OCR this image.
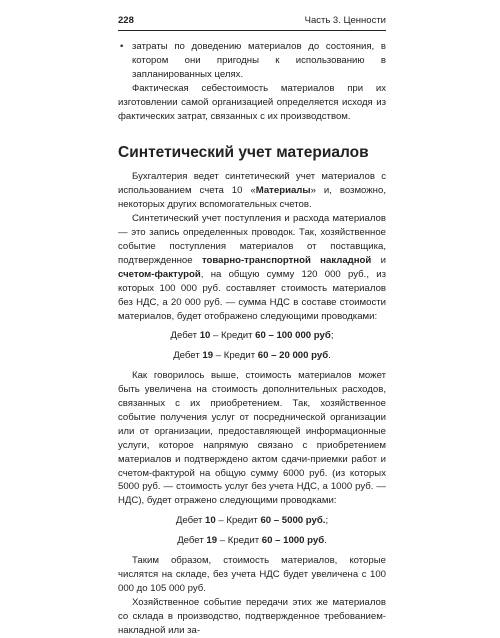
228	Часть 3. Ценности

• затраты по доведению материалов до состояния, в котором они пригодны к использованию в запланированных целях.

Фактическая себестоимость материалов при их изготовлении самой организацией определяется исходя из фактических затрат, связанных с их производством.

Синтетический учет материалов

Бухгалтерия ведет синтетический учет материалов с использованием счета 10 «Материалы» и, возможно, некоторых других вспомогательных счетов.

Синтетический учет поступления и расхода материалов — это запись определенных проводок. Так, хозяйственное событие поступления материалов от поставщика, подтвержденное товарно-транспортной накладной и счетом-фактурой, на общую сумму 120 000 руб., из которых 100 000 руб. составляет стоимость материалов без НДС, а 20 000 руб. — сумма НДС в составе стоимости материалов, будет отображено следующими проводками:

Дебет 10 – Кредит 60 – 100 000 руб;
Дебет 19 – Кредит 60 – 20 000 руб.

Как говорилось выше, стоимость материалов может быть увеличена на стоимость дополнительных расходов, связанных с их приобретением. Так, хозяйственное событие получения услуг от посреднической организации или от организации, предоставляющей информационные услуги, которое напрямую связано с приобретением материалов и подтверждено актом сдачи-приемки работ и счетом-фактурой на общую сумму 6000 руб. (из которых 5000 руб. — стоимость услуг без учета НДС, а 1000 руб. — НДС), будет отражено следующими проводками:

Дебет 10 – Кредит 60 – 5000 руб.;
Дебет 19 – Кредит 60 – 1000 руб.

Таким образом, стоимость материалов, которые числятся на складе, без учета НДС будет увеличена с 100 000 до 105 000 руб.

Хозяйственное событие передачи этих же материалов со склада в производство, подтвержденное требованием-накладной или за-
